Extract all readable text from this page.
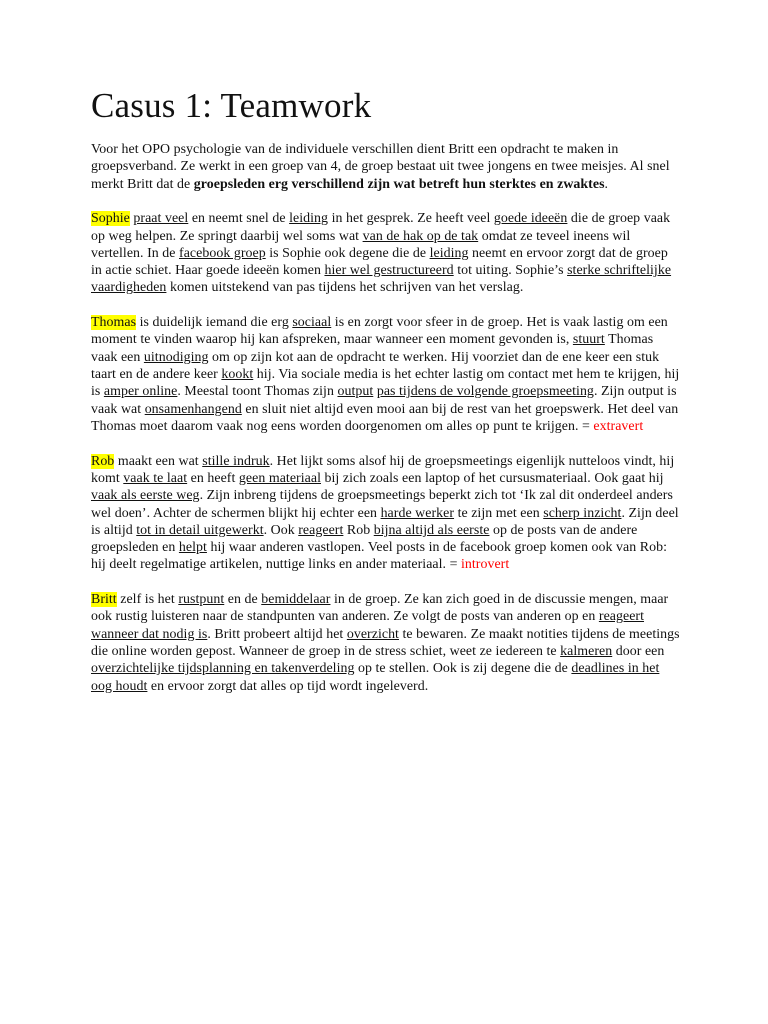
Casus 1: Teamwork

Voor het OPO psychologie van de individuele verschillen dient Britt een opdracht te maken in groepsverband. Ze werkt in een groep van 4, de groep bestaat uit twee jongens en twee meisjes. Al snel merkt Britt dat de groepsleden erg verschillend zijn wat betreft hun sterktes en zwaktes.

Sophie praat veel en neemt snel de leiding in het gesprek. Ze heeft veel goede ideeën die de groep vaak op weg helpen. Ze springt daarbij wel soms wat van de hak op de tak omdat ze teveel ineens wil vertellen. In de facebook groep is Sophie ook degene die de leiding neemt en ervoor zorgt dat de groep in actie schiet. Haar goede ideeën komen hier wel gestructureerd tot uiting. Sophie’s sterke schriftelijke vaardigheden komen uitstekend van pas tijdens het schrijven van het verslag.

Thomas is duidelijk iemand die erg sociaal is en zorgt voor sfeer in de groep. Het is vaak lastig om een moment te vinden waarop hij kan afspreken, maar wanneer een moment gevonden is, stuurt Thomas vaak een uitnodiging om op zijn kot aan de opdracht te werken. Hij voorziet dan de ene keer een stuk taart en de andere keer kookt hij. Via sociale media is het echter lastig om contact met hem te krijgen, hij is amper online. Meestal toont Thomas zijn output pas tijdens de volgende groepsmeeting. Zijn output is vaak wat onsamenhangend en sluit niet altijd even mooi aan bij de rest van het groepswerk. Het deel van Thomas moet daarom vaak nog eens worden doorgenomen om alles op punt te krijgen. = extravert

Rob maakt een wat stille indruk. Het lijkt soms alsof hij de groepsmeetings eigenlijk nutteloos vindt, hij komt vaak te laat en heeft geen materiaal bij zich zoals een laptop of het cursusmateriaal. Ook gaat hij vaak als eerste weg. Zijn inbreng tijdens de groepsmeetings beperkt zich tot ‘Ik zal dit onderdeel anders wel doen’. Achter de schermen blijkt hij echter een harde werker te zijn met een scherp inzicht. Zijn deel is altijd tot in detail uitgewerkt. Ook reageert Rob bijna altijd als eerste op de posts van de andere groepsleden en helpt hij waar anderen vastlopen. Veel posts in de facebook groep komen ook van Rob: hij deelt regelmatige artikelen, nuttige links en ander materiaal. = introvert

Britt zelf is het rustpunt en de bemiddelaar in de groep. Ze kan zich goed in de discussie mengen, maar ook rustig luisteren naar de standpunten van anderen. Ze volgt de posts van anderen op en reageert wanneer dat nodig is. Britt probeert altijd het overzicht te bewaren. Ze maakt notities tijdens de meetings die online worden gepost. Wanneer de groep in de stress schiet, weet ze iedereen te kalmeren door een overzichtelijke tijdsplanning en takenverdeling op te stellen. Ook is zij degene die de deadlines in het oog houdt en ervoor zorgt dat alles op tijd wordt ingeleverd.
